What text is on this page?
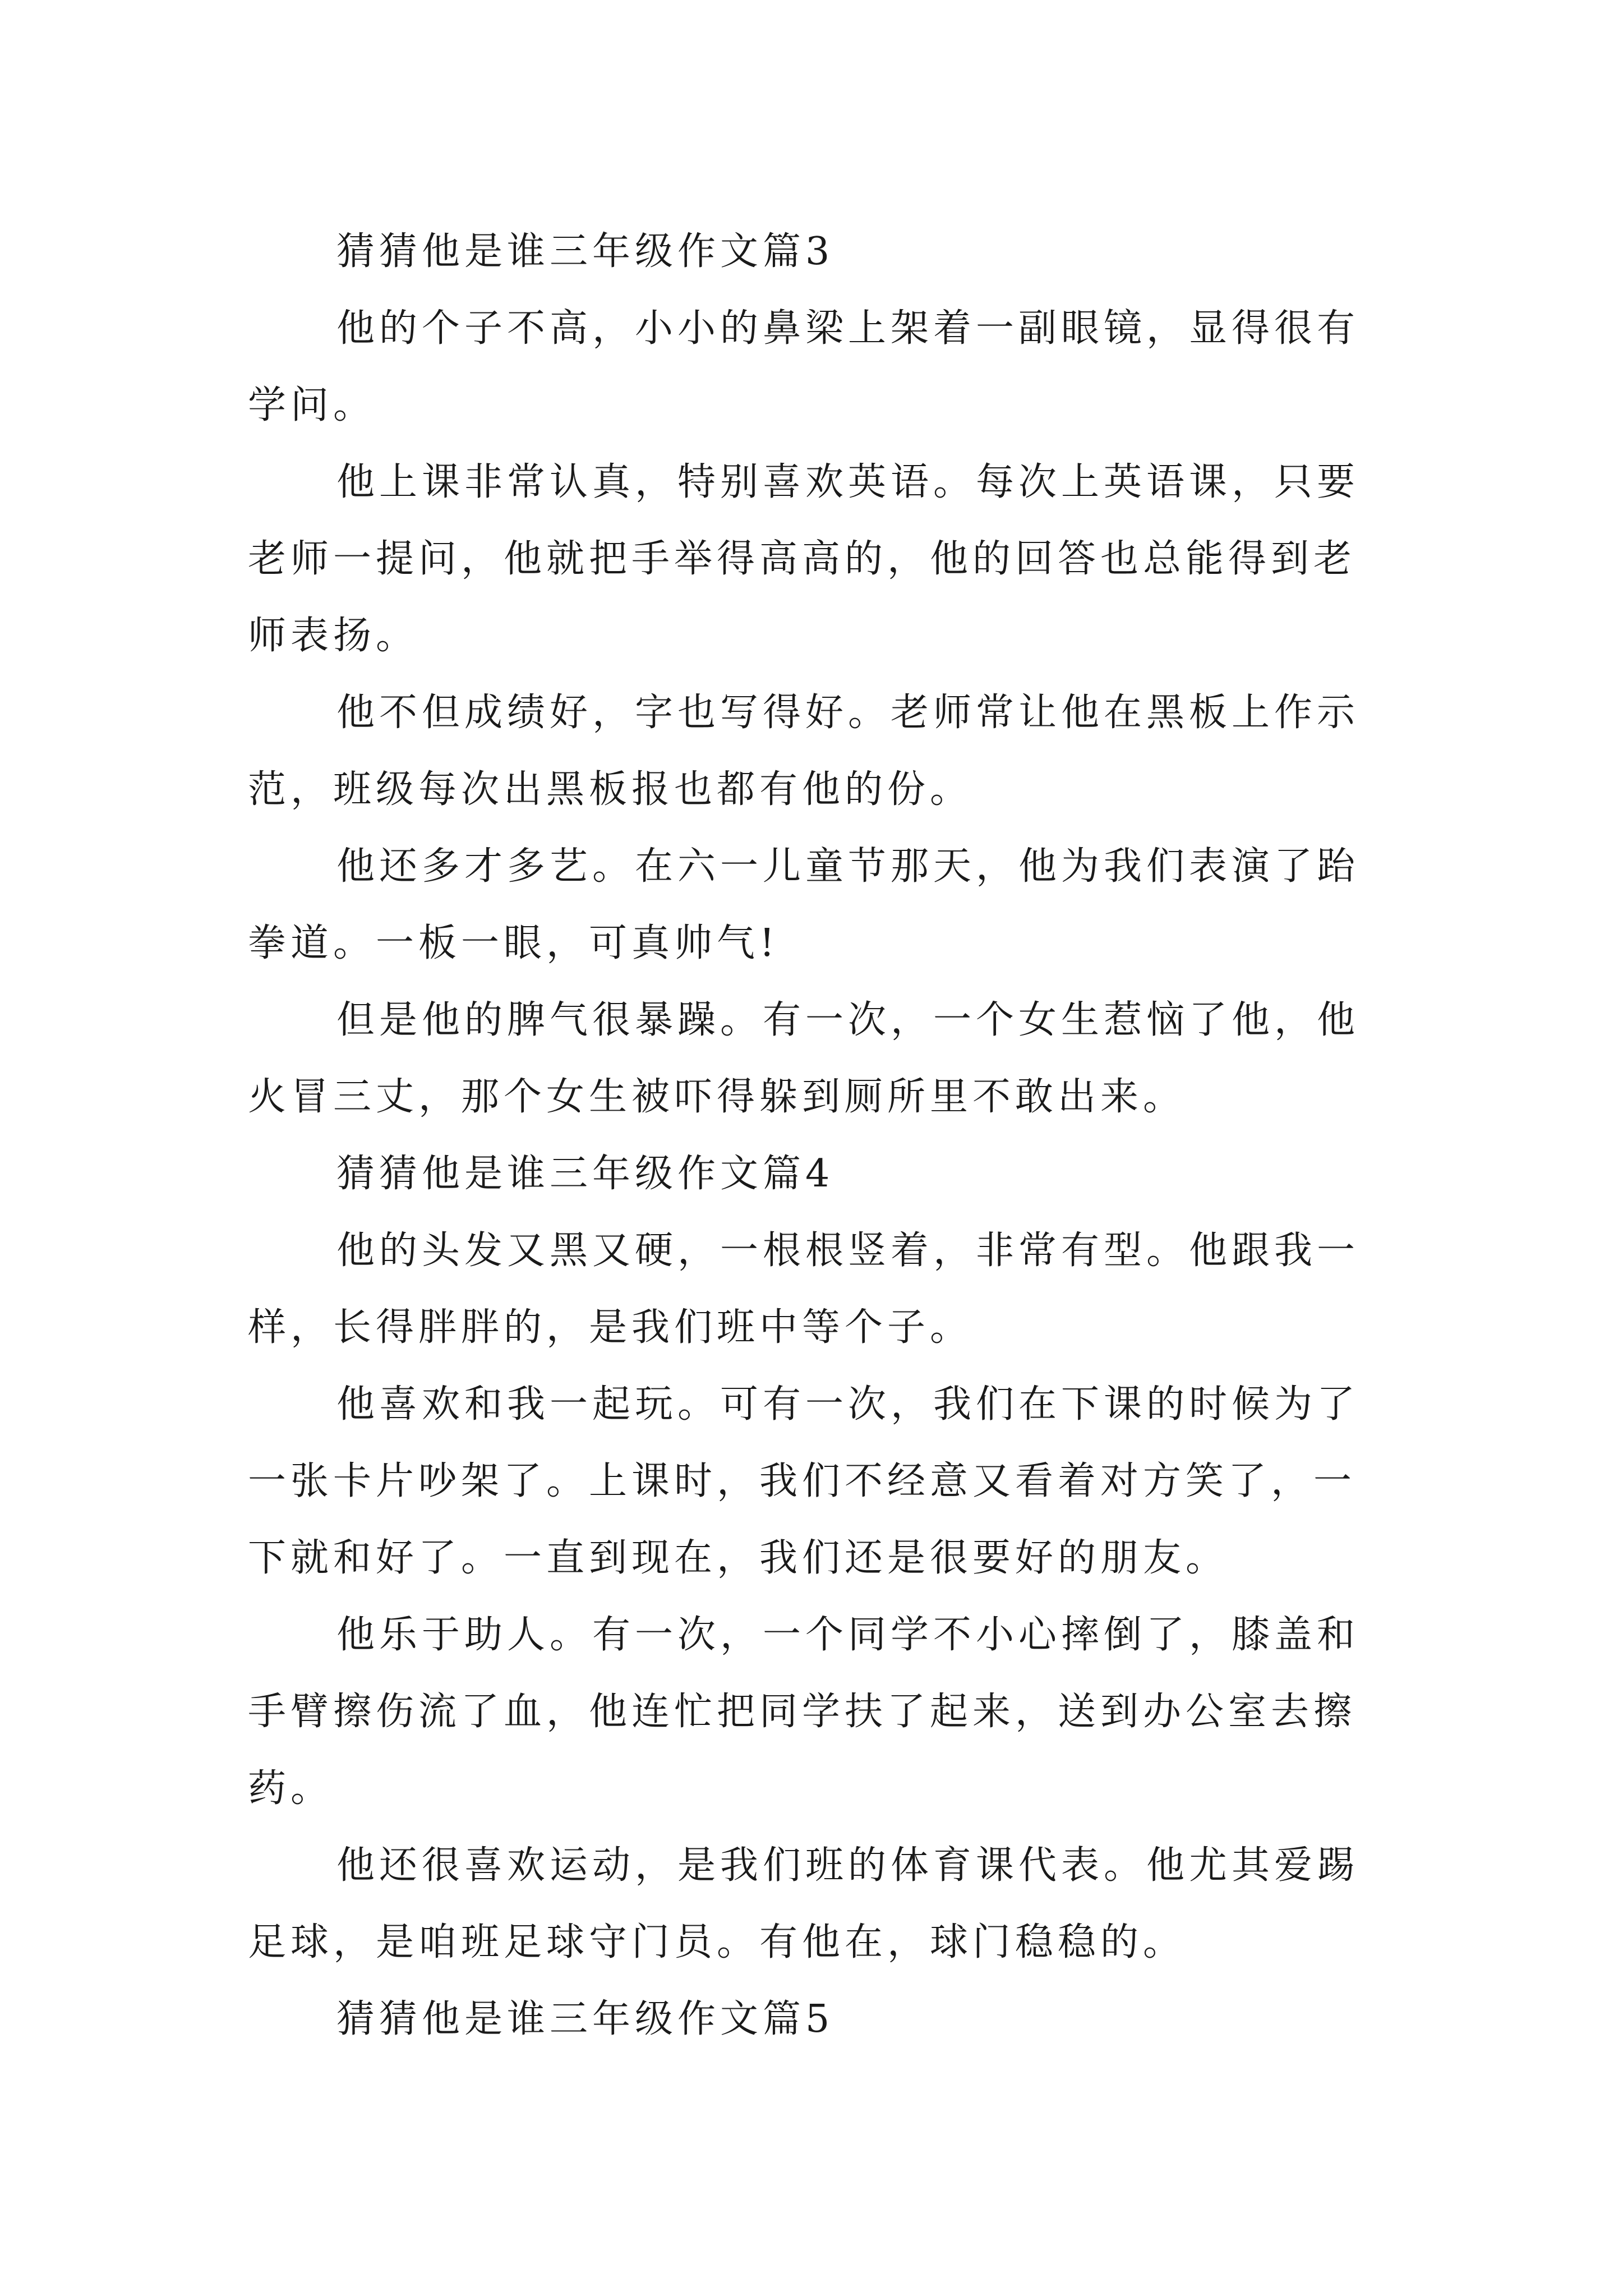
猜猜他是谁三年级作文篇3
他的个子不高，小小的鼻梁上架着一副眼镜，显得很有
学问。
他上课非常认真，特别喜欢英语。每次上英语课，只要
老师一提问，他就把手举得高高的，他的回答也总能得到老
师表扬。
他不但成绩好，字也写得好。老师常让他在黑板上作示
范，班级每次出黑板报也都有他的份。
他还多才多艺。在六一儿童节那天，他为我们表演了跆
拳道。一板一眼，可真帅气!
但是他的脾气很暴躁。有一次，一个女生惹恼了他，他
火冒三丈，那个女生被吓得躲到厕所里不敢出来。
猜猜他是谁三年级作文篇4
他的头发又黑又硬，一根根竖着，非常有型。他跟我一
样，长得胖胖的，是我们班中等个子。
他喜欢和我一起玩。可有一次，我们在下课的时候为了
一张卡片吵架了。上课时，我们不经意又看着对方笑了，一
下就和好了。一直到现在，我们还是很要好的朋友。
他乐于助人。有一次，一个同学不小心摔倒了，膝盖和
手臂擦伤流了血，他连忙把同学扶了起来，送到办公室去擦
药。
他还很喜欢运动，是我们班的体育课代表。他尤其爱踢
足球，是咱班足球守门员。有他在，球门稳稳的。
猜猜他是谁三年级作文篇5
